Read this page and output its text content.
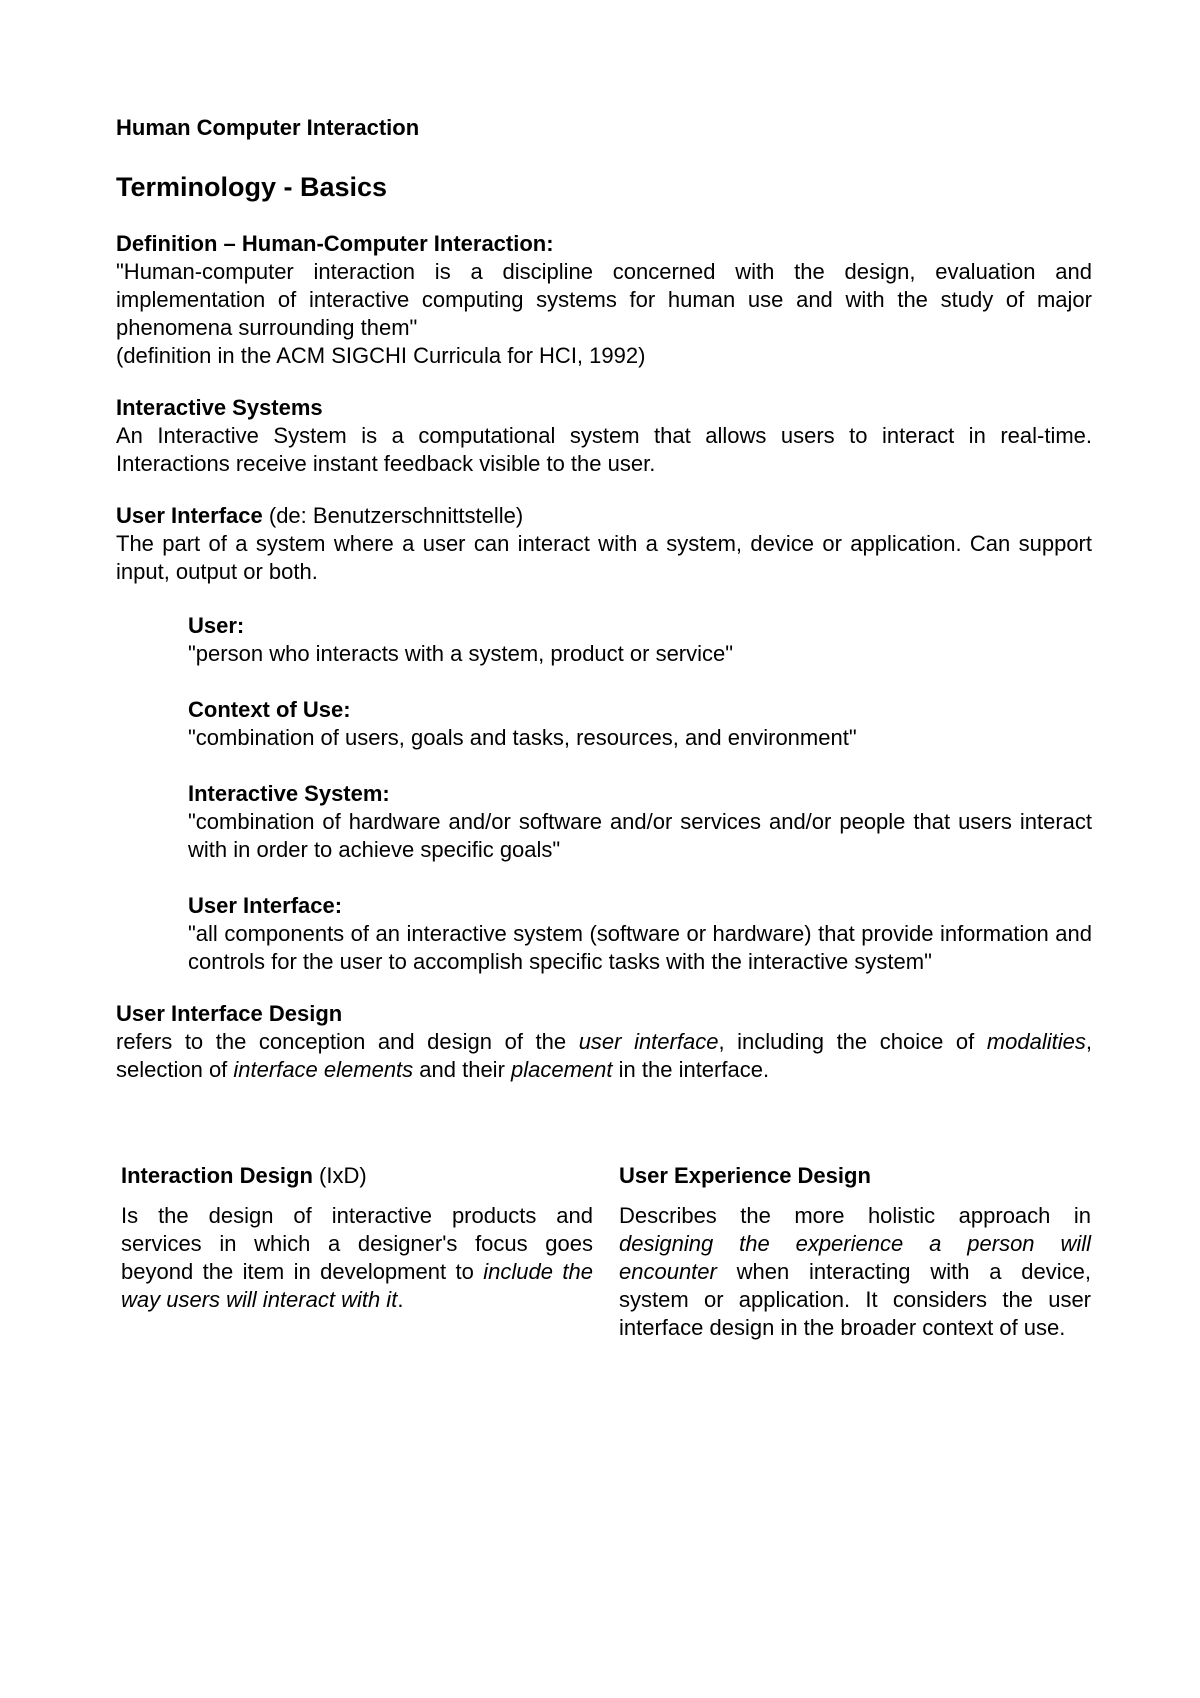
Human Computer Interaction

Terminology - Basics

Definition – Human-Computer Interaction:

"Human-computer interaction is a discipline concerned with the design, evaluation and implementation of interactive computing systems for human use and with the study of major phenomena surrounding them"

(definition in the ACM SIGCHI Curricula for HCI, 1992)

Interactive Systems

An Interactive System is a computational system that allows users to interact in real-time. Interactions receive instant feedback visible to the user.

User Interface (de: Benutzerschnittstelle)

The part of a system where a user can interact with a system, device or application. Can support input, output or both.

User:

"person who interacts with a system, product or service"

Context of Use:

"combination of users, goals and tasks, resources, and environment"

Interactive System:

"combination of hardware and/or software and/or services and/or people that users interact with in order to achieve specific goals"

User Interface:

"all components of an interactive system (software or hardware) that provide information and controls for the user to accomplish specific tasks with the interactive system"

User Interface Design

refers to the conception and design of the user interface, including the choice of modalities, selection of interface elements and their placement in the interface.

Interaction Design (IxD)

Is the design of interactive products and services in which a designer's focus goes beyond the item in development to include the way users will interact with it.

User Experience Design

Describes the more holistic approach in designing the experience a person will encounter when interacting with a device, system or application. It considers the user interface design in the broader context of use.
